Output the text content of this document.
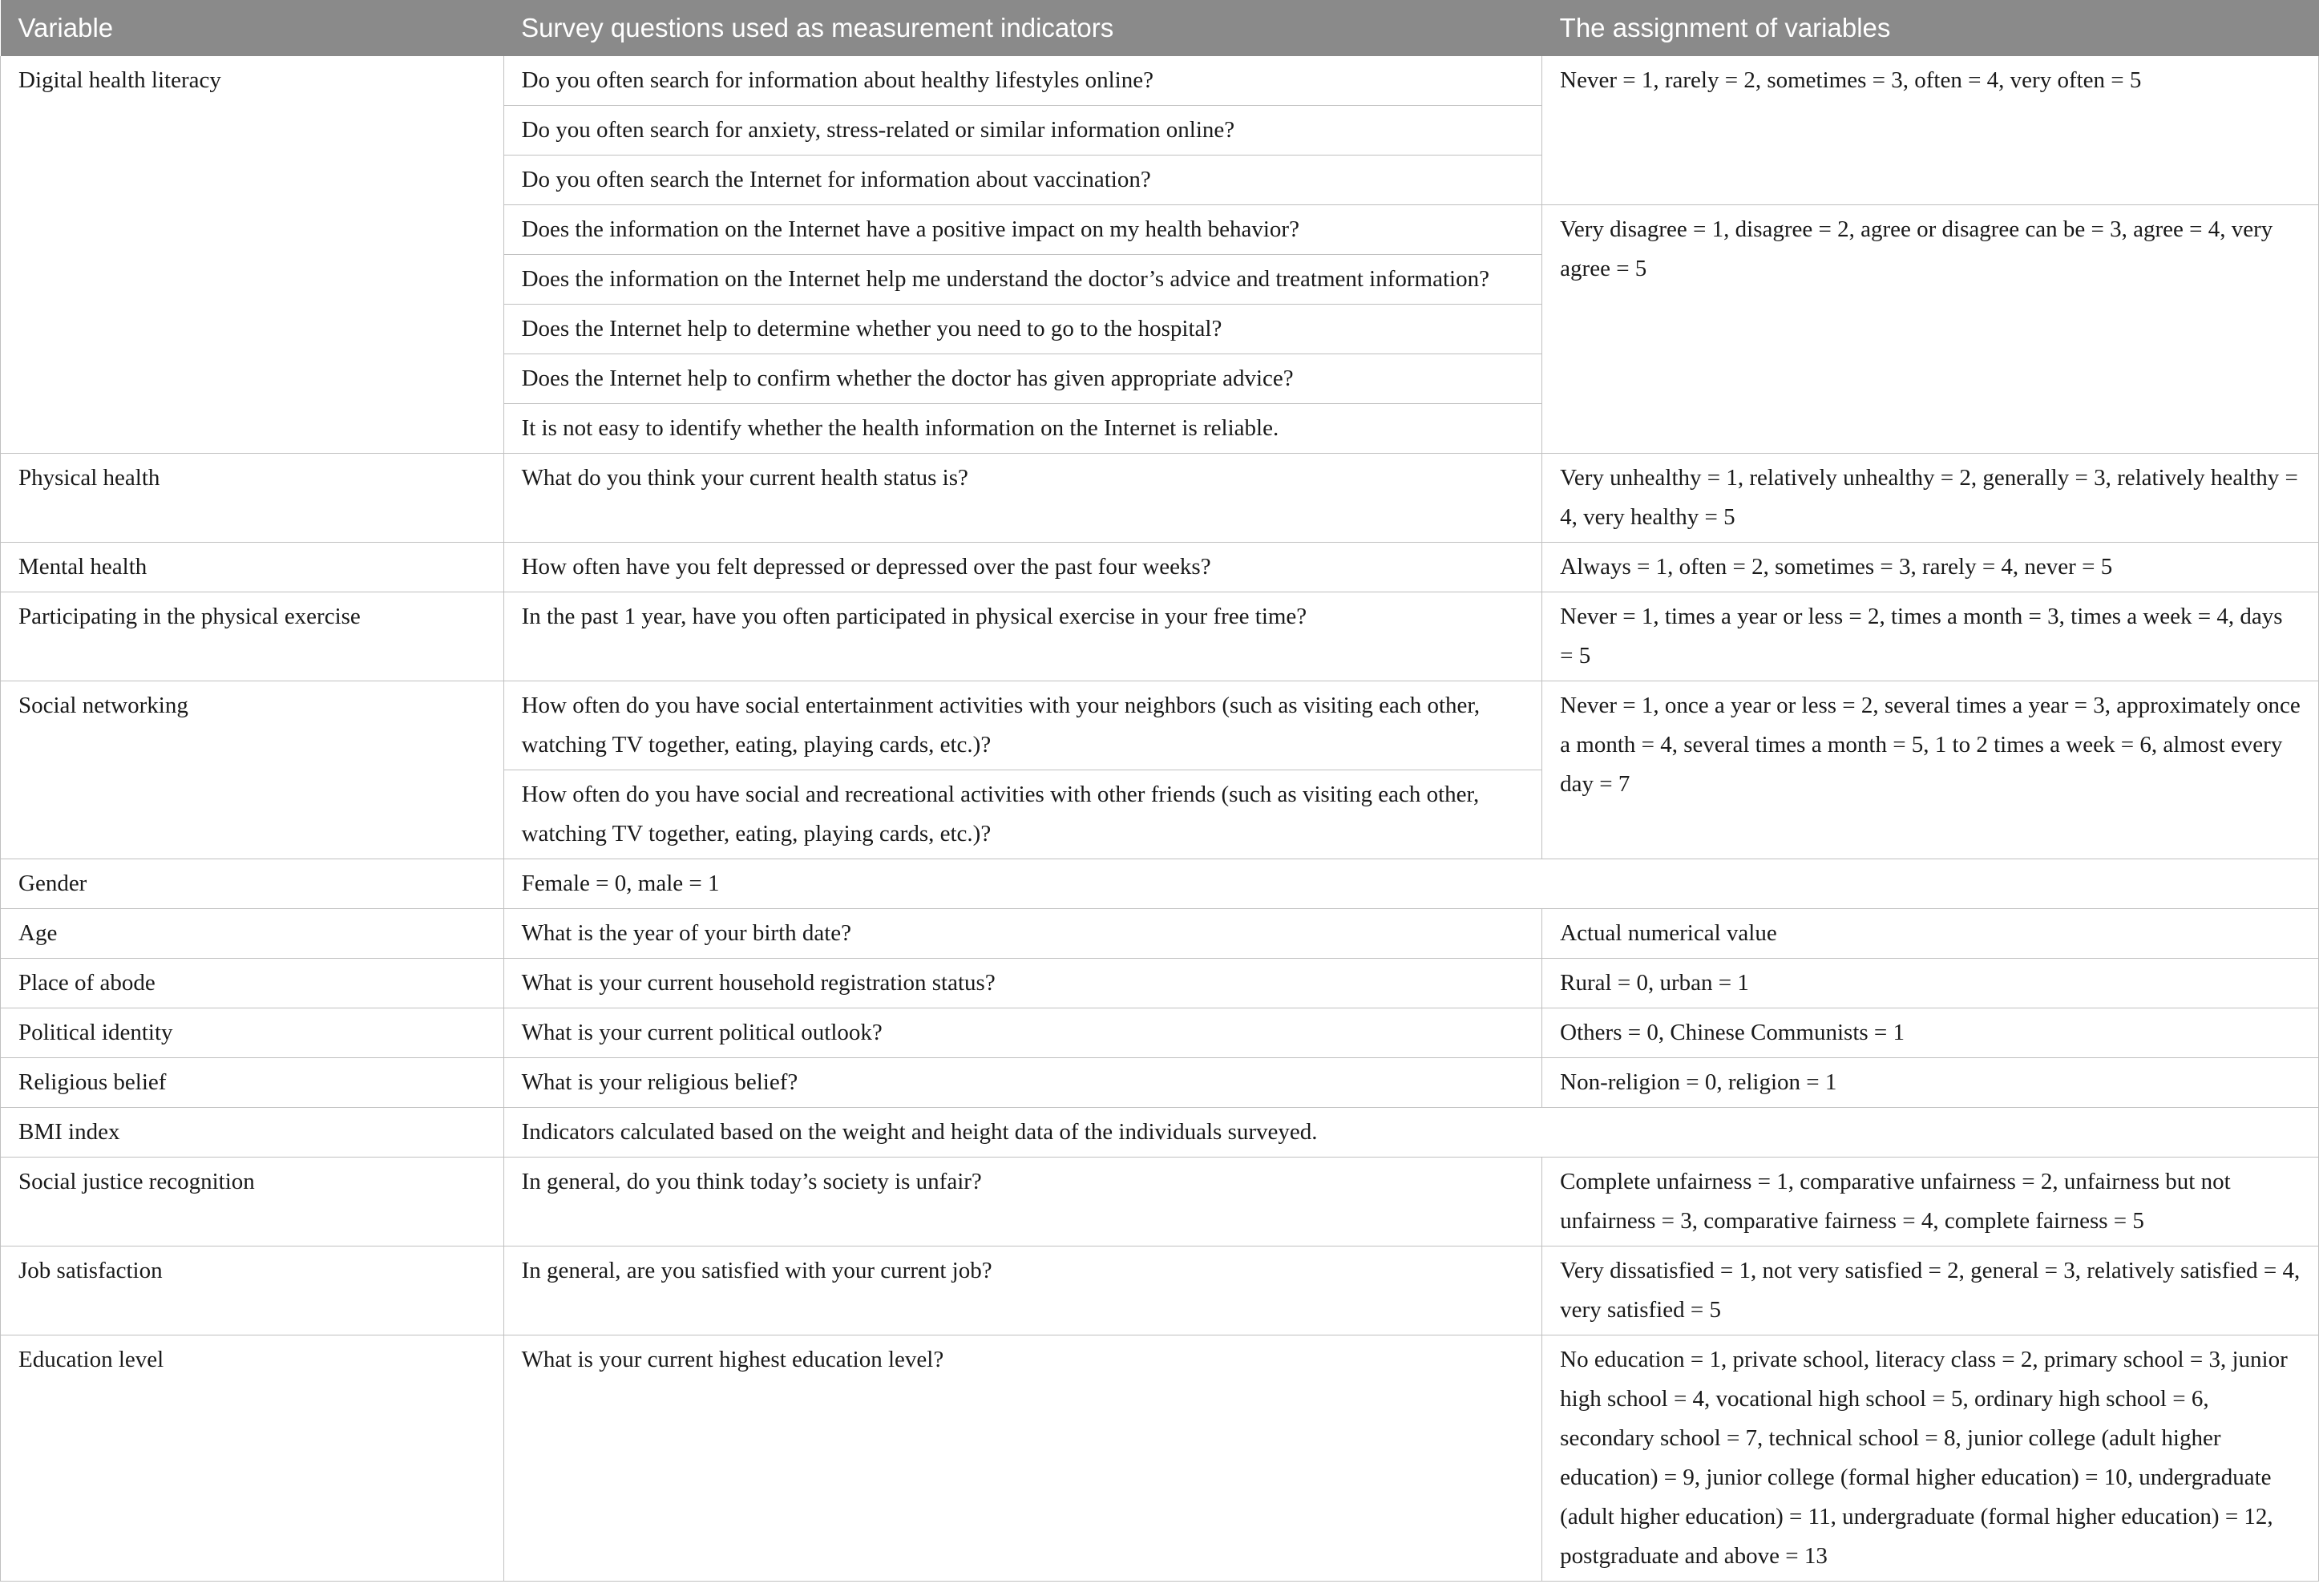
Variable	Survey questions used as measurement indicators	The assignment of variables
Digital health literacy	Do you often search for information about healthy lifestyles online?	Never = 1, rarely = 2, sometimes = 3, often = 4, very often = 5
	Do you often search for anxiety, stress-related or similar information online?	
	Do you often search the Internet for information about vaccination?	
	Does the information on the Internet have a positive impact on my health behavior?	Very disagree = 1, disagree = 2, agree or disagree can be = 3, agree = 4, very agree = 5
	Does the information on the Internet help me understand the doctor’s advice and treatment information?	
	Does the Internet help to determine whether you need to go to the hospital?	
	Does the Internet help to confirm whether the doctor has given appropriate advice?	
	It is not easy to identify whether the health information on the Internet is reliable.	
Physical health	What do you think your current health status is?	Very unhealthy = 1, relatively unhealthy = 2, generally = 3, relatively healthy = 4, very healthy = 5
Mental health	How often have you felt depressed or depressed over the past four weeks?	Always = 1, often = 2, sometimes = 3, rarely = 4, never = 5
Participating in the physical exercise	In the past 1 year, have you often participated in physical exercise in your free time?	Never = 1, times a year or less = 2, times a month = 3, times a week = 4, days = 5
Social networking	How often do you have social entertainment activities with your neighbors (such as visiting each other, watching TV together, eating, playing cards, etc.)?	Never = 1, once a year or less = 2, several times a year = 3, approximately once a month = 4, several times a month = 5, 1 to 2 times a week = 6, almost every day = 7
	How often do you have social and recreational activities with other friends (such as visiting each other, watching TV together, eating, playing cards, etc.)?	
Gender	Female = 0, male = 1	
Age	What is the year of your birth date?	Actual numerical value
Place of abode	What is your current household registration status?	Rural = 0, urban = 1
Political identity	What is your current political outlook?	Others = 0, Chinese Communists = 1
Religious belief	What is your religious belief?	Non-religion = 0, religion = 1
BMI index	Indicators calculated based on the weight and height data of the individuals surveyed.	
Social justice recognition	In general, do you think today’s society is unfair?	Complete unfairness = 1, comparative unfairness = 2, unfairness but not unfairness = 3, comparative fairness = 4, complete fairness = 5
Job satisfaction	In general, are you satisfied with your current job?	Very dissatisfied = 1, not very satisfied = 2, general = 3, relatively satisfied = 4, very satisfied = 5
Education level	What is your current highest education level?	No education = 1, private school, literacy class = 2, primary school = 3, junior high school = 4, vocational high school = 5, ordinary high school = 6, secondary school = 7, technical school = 8, junior college (adult higher education) = 9, junior college (formal higher education) = 10, undergraduate (adult higher education) = 11, undergraduate (formal higher education) = 12, postgraduate and above = 13
